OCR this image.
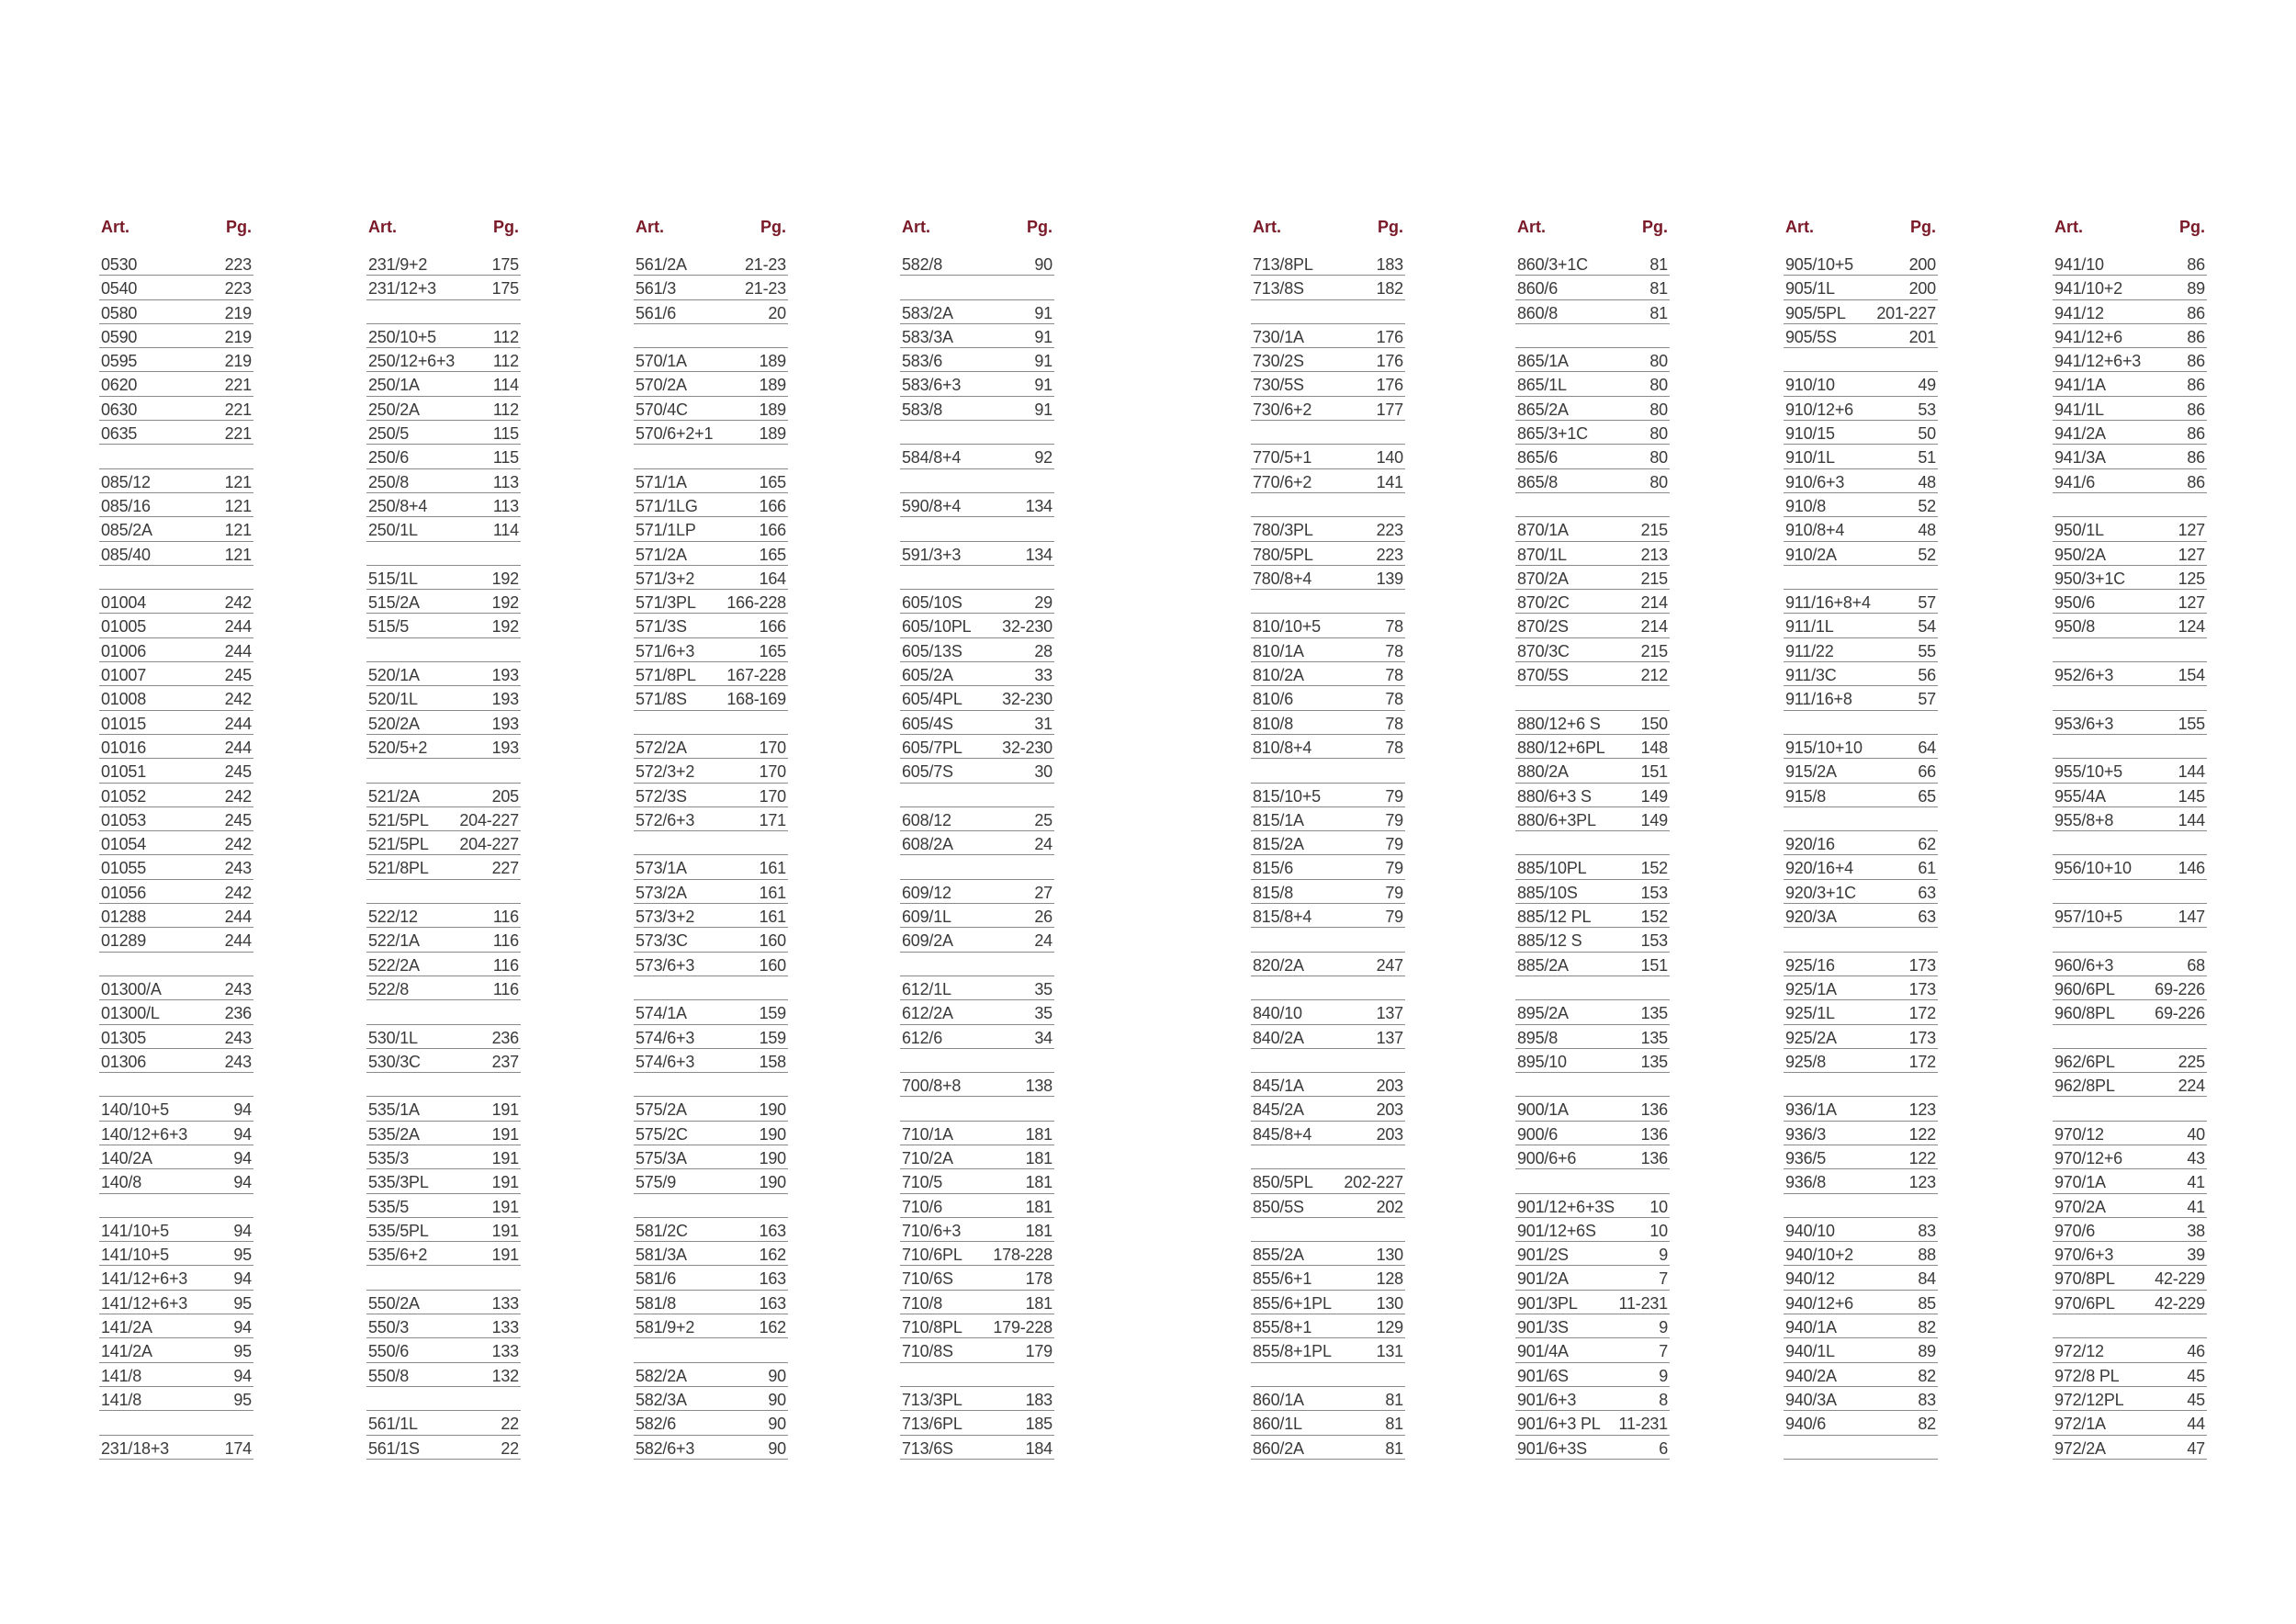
Art.	Pg.
0530	223
0540	223
0580	219
0590	219
0595	219
0620	221
0630	221
0635	221
085/12	121
085/16	121
085/2A	121
085/40	121
01004	242
01005	244
01006	244
01007	245
01008	242
01015	244
01016	244
01051	245
01052	242
01053	245
01054	242
01055	243
01056	242
01288	244
01289	244
01300/A	243
01300/L	236
01305	243
01306	243
140/10+5	94
140/12+6+3	94
140/2A	94
140/8	94
141/10+5	94
141/10+5	95
141/12+6+3	94
141/12+6+3	95
141/2A	94
141/2A	95
141/8	94
141/8	95
231/18+3	174
Art.	Pg.
231/9+2	175
231/12+3	175
250/10+5	112
250/12+6+3 112
250/1A	114
250/2A	112
250/5	115
250/6	115
250/8	113
250/8+4	113
250/1L	114
515/1L	192
515/2A	192
515/5	192
520/1A	193
520/1L	193
520/2A	193
520/5+2	193
521/2A	205
521/5PL 204-227
521/5PL 204-227
521/8PL	227
522/12	116
522/1A	116
522/2A	116
522/8	116
530/1L	236
530/3C	237
535/1A	191
535/2A	191
535/3	191
535/3PL	191
535/5	191
535/5PL	191
535/6+2	191
550/2A	133
550/3	133
550/6	133
550/8	132
561/1L	22
561/1S	22
Art.	Pg.
561/2A	21-23
561/3	21-23
561/6	20
570/1A	189
570/2A	189
570/4C	189
570/6+2+1	189
571/1A	165
571/1LG	166
571/1LP	166
571/2A	165
571/3+2	164
571/3PL 166-228
571/3S	166
571/6+3	165
571/8PL 167-228
571/8S 168-169
572/2A	170
572/3+2	170
572/3S	170
572/6+3	171
573/1A	161
573/2A	161
573/3+2	161
573/3C	160
573/6+3	160
574/1A	159
574/6+3	159
574/6+3	158
575/2A	190
575/2C	190
575/3A	190
575/9	190
581/2C	163
581/3A	162
581/6	163
581/8	163
581/9+2	162
582/2A	90
582/3A	90
582/6	90
582/6+3	90
Art.	Pg.
582/8	90
583/2A	91
583/3A	91
583/6	91
583/6+3	91
583/8	91
584/8+4	92
590/8+4	134
591/3+3	134
605/10S	29
605/10PL 32-230
605/13S	28
605/2A	33
605/4PL 32-230
605/4S	31
605/7PL 32-230
605/7S	30
608/12	25
608/2A	24
609/12	27
609/1L	26
609/2A	24
612/1L	35
612/2A	35
612/6	34
700/8+8	138
710/1A	181
710/2A	181
710/5	181
710/6	181
710/6+3	181
710/6PL 178-228
710/6S	178
710/8	181
710/8PL 179-228
710/8S	179
713/3PL	183
713/6PL	185
713/6S	184
Art.	Pg.
713/8PL	183
713/8S	182
730/1A	176
730/2S	176
730/5S	176
730/6+2	177
770/5+1	140
770/6+2	141
780/3PL	223
780/5PL	223
780/8+4	139
810/10+5	78
810/1A	78
810/2A	78
810/6	78
810/8	78
810/8+4	78
815/10+5	79
815/1A	79
815/2A	79
815/6	79
815/8	79
815/8+4	79
820/2A	247
840/10	137
840/2A	137
845/1A	203
845/2A	203
845/8+4	203
850/5PL 202-227
850/5S	202
855/2A	130
855/6+1	128
855/6+1PL	130
855/8+1	129
855/8+1PL	131
860/1A	81
860/1L	81
860/2A	81
Art.	Pg.
860/3+1C	81
860/6	81
860/8	81
865/1A	80
865/1L	80
865/2A	80
865/3+1C	80
865/6	80
865/8	80
870/1A	215
870/1L	213
870/2A	215
870/2C	214
870/2S	214
870/3C	215
870/5S	212
880/12+6 S 150
880/12+6PL 148
880/2A	151
880/6+3 S	149
880/6+3PL	149
885/10PL	152
885/10S	153
885/12 PL	152
885/12 S	153
885/2A	151
895/2A	135
895/8	135
895/10	135
900/1A	136
900/6	136
900/6+6	136
901/12+6+3S 10
901/12+6S	10
901/2S	9
901/2A	7
901/3PL 11-231
901/3S	9
901/4A	7
901/6S	9
901/6+3	8
901/6+3 PL 11-231
901/6+3S	6
Art.	Pg.
905/10+5	200
905/1L	200
905/5PL 201-227
905/5S	201
910/10	49
910/12+6	53
910/15	50
910/1L	51
910/6+3	48
910/8	52
910/8+4	48
910/2A	52
911/16+8+4	57
911/1L	54
911/22	55
911/3C	56
911/16+8	57
915/10+10	64
915/2A	66
915/8	65
920/16	62
920/16+4	61
920/3+1C	63
920/3A	63
925/16	173
925/1A	173
925/1L	172
925/2A	173
925/8	172
936/1A	123
936/3	122
936/5	122
936/8	123
940/10	83
940/10+2	88
940/12	84
940/12+6	85
940/1A	82
940/1L	89
940/2A	82
940/3A	83
940/6	82
Art.	Pg.
941/10	86
941/10+2	89
941/12	86
941/12+6	86
941/12+6+3	86
941/1A	86
941/1L	86
941/2A	86
941/3A	86
941/6	86
950/1L	127
950/2A	127
950/3+1C	125
950/6	127
950/8	124
952/6+3	154
953/6+3	155
955/10+5	144
955/4A	145
955/8+8	144
956/10+10	146
957/10+5	147
960/6+3	68
960/6PL 69-226
960/8PL 69-226
962/6PL	225
962/8PL	224
970/12	40
970/12+6	43
970/1A	41
970/2A	41
970/6	38
970/6+3	39
970/8PL 42-229
970/6PL 42-229
972/12	46
972/8 PL	45
972/12PL	45
972/1A	44
972/2A	47
